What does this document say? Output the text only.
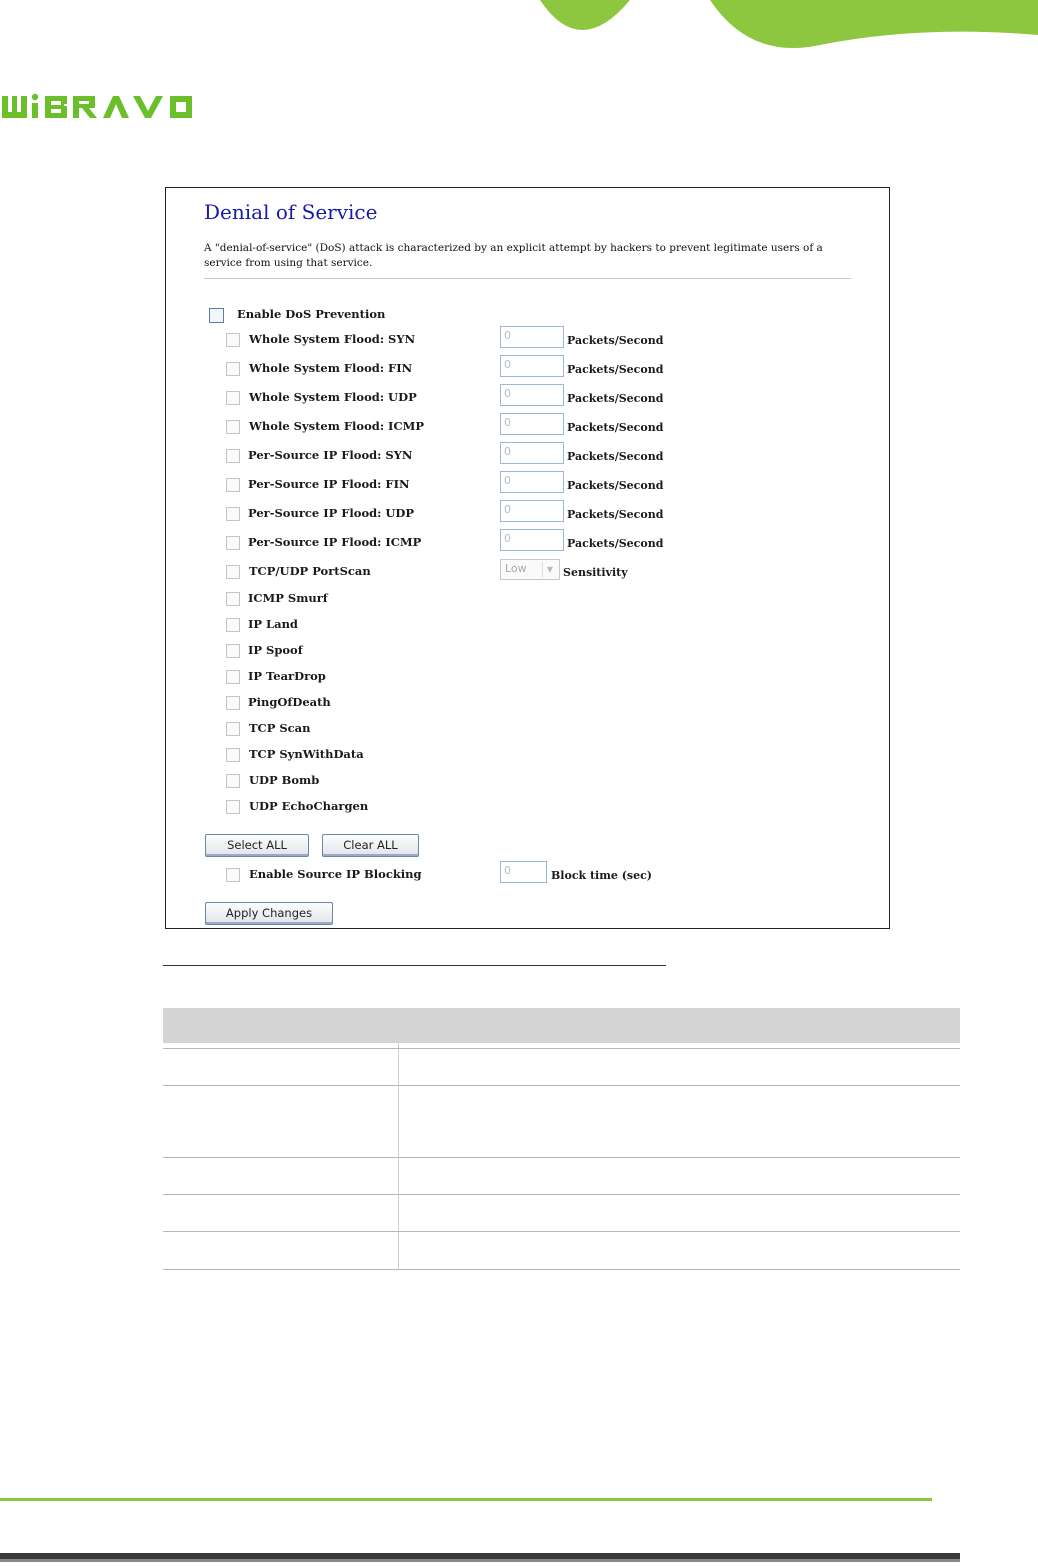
Denial of Service
A "denial-of-service" (DoS) attack is characterized by an explicit attempt by hackers to prevent legitimate users of a service from using that service.
Enable DoS Prevention
Whole System Flood: SYN	0	Packets/Second
Whole System Flood: FIN	0	Packets/Second
Whole System Flood: UDP	0	Packets/Second
Whole System Flood: ICMP	0	Packets/Second
Per-Source IP Flood: SYN	0	Packets/Second
Per-Source IP Flood: FIN	0	Packets/Second
Per-Source IP Flood: UDP	0	Packets/Second
Per-Source IP Flood: ICMP	0	Packets/Second
TCP/UDP PortScan	Low	▼ Sensitivity
ICMP Smurf
IP Land
IP Spoof
IP TearDrop
PingOfDeath
TCP Scan
TCP SynWithData
UDP Bomb
UDP EchoChargen
Select ALL	Clear ALL
Enable Source IP Blocking	0	Block time (sec)
Apply Changes
